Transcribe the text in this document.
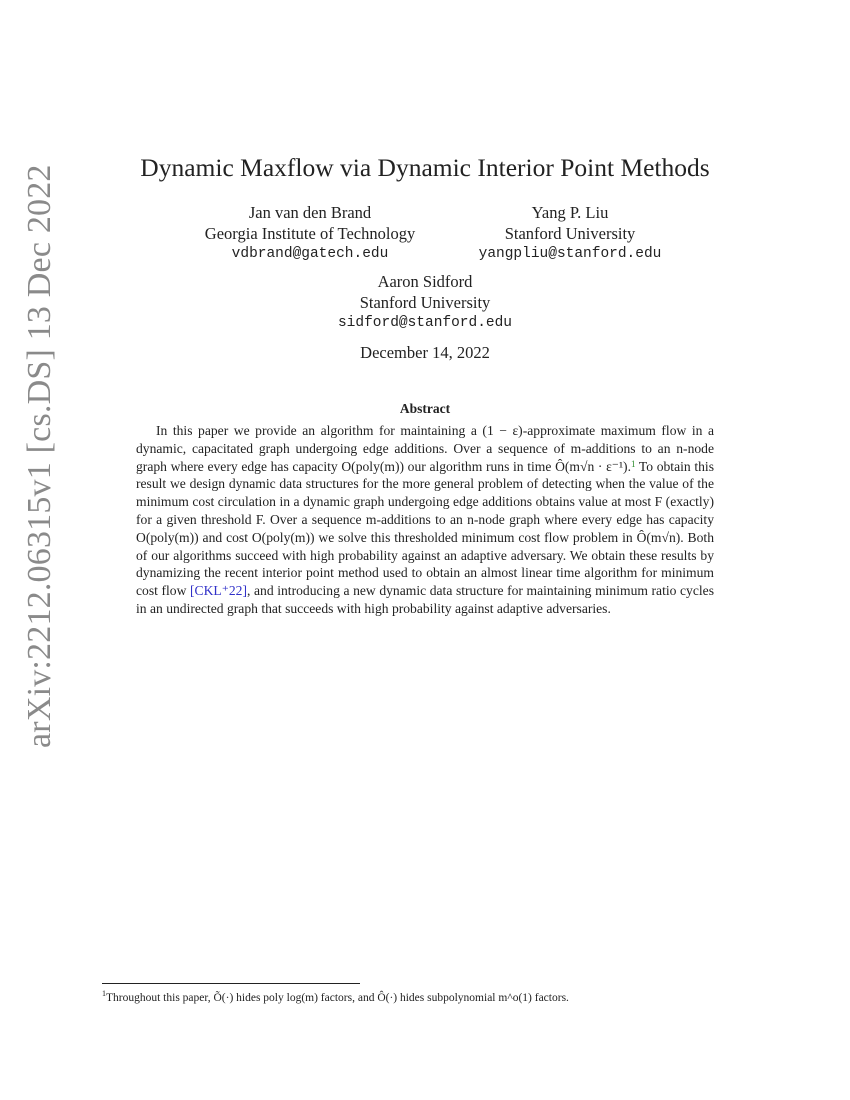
arXiv:2212.06315v1 [cs.DS] 13 Dec 2022	Dynamic Maxflow via Dynamic Interior Point Methods
Jan van den Brand
Georgia Institute of Technology
vdbrand@gatech.edu
Yang P. Liu
Stanford University
yangpliu@stanford.edu
Aaron Sidford
Stanford University
sidford@stanford.edu
December 14, 2022
Abstract
In this paper we provide an algorithm for maintaining a (1 − ε)-approximate maximum flow in a dynamic, capacitated graph undergoing edge additions. Over a sequence of m-additions to an n-node graph where every edge has capacity O(poly(m)) our algorithm runs in time Ô(m√n · ε⁻¹).$^1$ To obtain this result we design dynamic data structures for the more general problem of detecting when the value of the minimum cost circulation in a dynamic graph undergoing edge additions obtains value at most F (exactly) for a given threshold F. Over a sequence m-additions to an n-node graph where every edge has capacity O(poly(m)) and cost O(poly(m)) we solve this thresholded minimum cost flow problem in Ô(m√n). Both of our algorithms succeed with high probability against an adaptive adversary. We obtain these results by dynamizing the recent interior point method used to obtain an almost linear time algorithm for minimum cost flow [CKL⁺22], and introducing a new dynamic data structure for maintaining minimum ratio cycles in an undirected graph that succeeds with high probability against adaptive adversaries.
$^1$Throughout this paper, Õ(·) hides poly log(m) factors, and Ô(·) hides subpolynomial m^o(1) factors.
